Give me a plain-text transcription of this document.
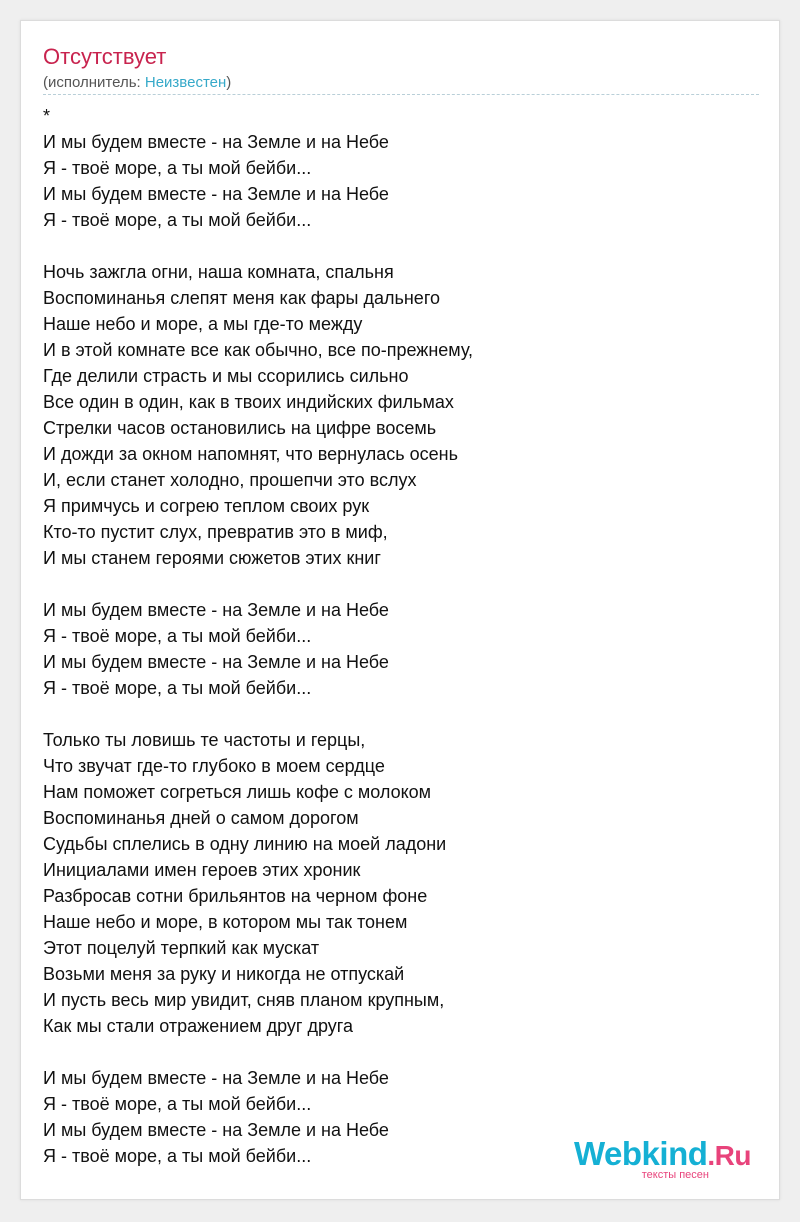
Отсутствует
(исполнитель: Неизвестен)
*
И мы будем вместе - на Земле и на Небе
Я - твоё море, а ты мой бейби...
И мы будем вместе - на Земле и на Небе
Я - твоё море, а ты мой бейби...
Ночь зажгла огни, наша комната, спальня
Воспоминанья слепят меня как фары дальнего
Наше небо и море, а мы где-то между
И в этой комнате все как обычно, все по-прежнему,
Где делили страсть и мы ссорились сильно
Все один в один, как в твоих индийских фильмах
Стрелки часов остановились на цифре восемь
И дожди за окном напомнят, что вернулась осень
И, если станет холодно, прошепчи это вслух
Я примчусь и согрею теплом своих рук
Кто-то пустит слух, превратив это в миф,
И мы станем героями сюжетов этих книг
И мы будем вместе - на Земле и на Небе
Я - твоё море, а ты мой бейби...
И мы будем вместе - на Земле и на Небе
Я - твоё море, а ты мой бейби...
Только ты ловишь те частоты и герцы,
Что звучат где-то глубоко в моем сердце
Нам поможет согреться лишь кофе с молоком
Воспоминанья дней о самом дорогом
Судьбы сплелись в одну линию на моей ладони
Инициалами имен героев этих хроник
Разбросав сотни брильянтов на черном фоне
Наше небо и море, в котором мы так тонем
Этот поцелуй терпкий как мускат
Возьми меня за руку и никогда не отпускай
И пусть весь мир увидит, сняв планом крупным,
Как мы стали отражением друг друга
И мы будем вместе - на Земле и на Небе
Я - твоё море, а ты мой бейби...
И мы будем вместе - на Земле и на Небе
Я - твоё море, а ты мой бейби...	Webkind.Ru
тексты песен
